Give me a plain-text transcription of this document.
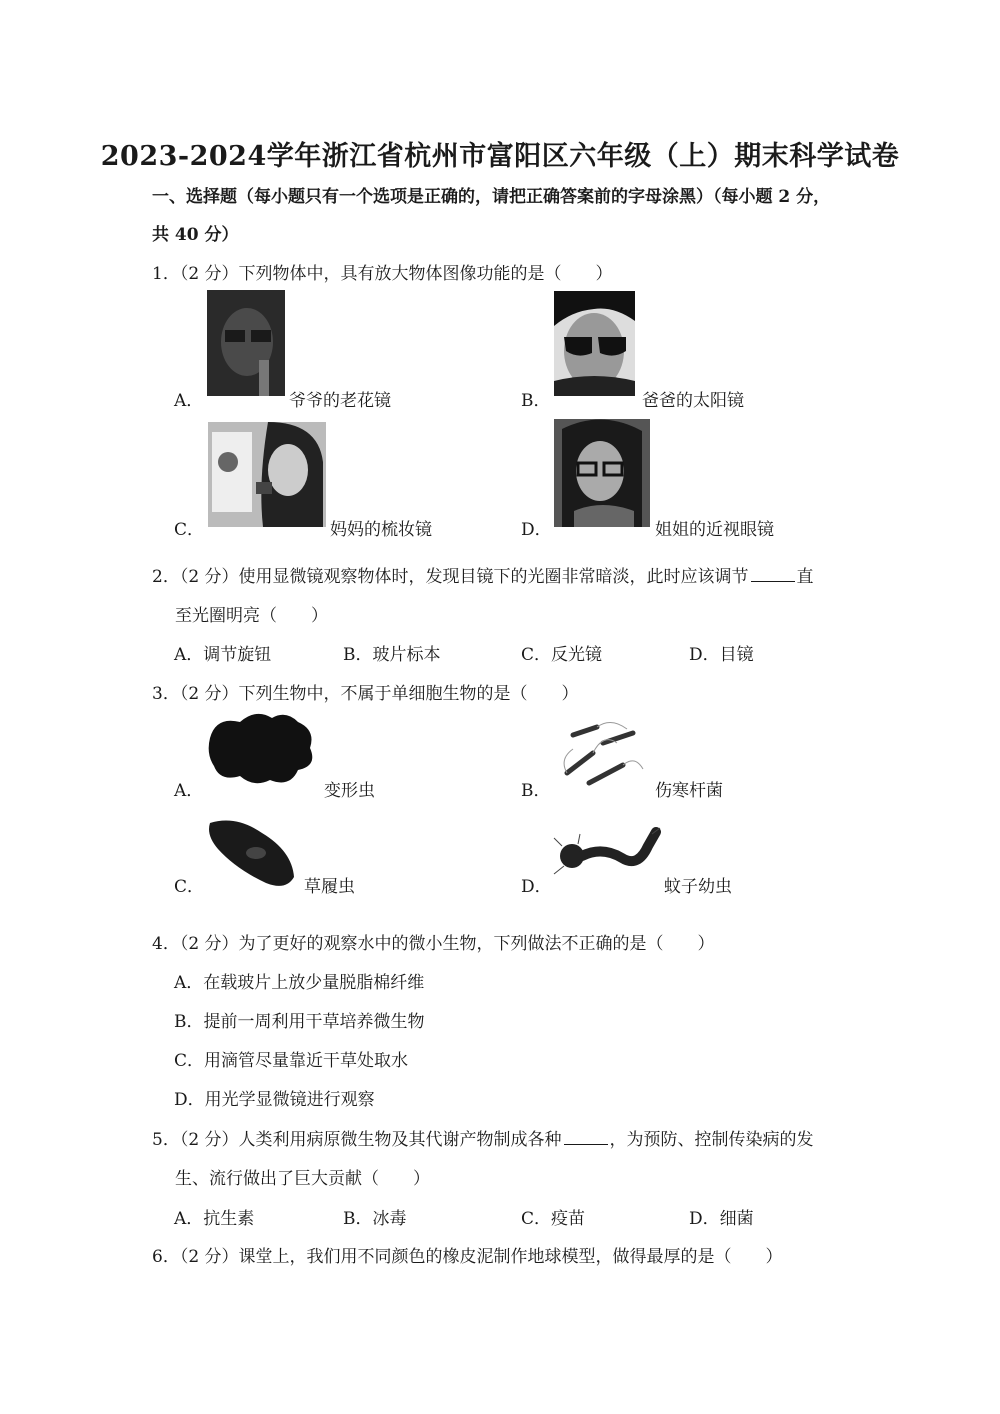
2023-2024学年浙江省杭州市富阳区六年级（上）期末科学试卷
一、选择题（每小题只有一个选项是正确的，请把正确答案前的字母涂黑）（每小题 2 分，
共 40 分）
1．（2 分）下列物体中，具有放大物体图像功能的是（　　）
A．	爷爷的老花镜	B．	爸爸的太阳镜
C．	妈妈的梳妆镜	D．	姐姐的近视眼镜
2．（2 分）使用显微镜观察物体时，发现目镜下的光圈非常暗淡，此时应该调节	直
至光圈明亮（　　）
A．调节旋钮	B．玻片标本	C．反光镜	D．目镜
3．（2 分）下列生物中，不属于单细胞生物的是（　　）
A．	变形虫	B．	伤寒杆菌
C．	草履虫	D．	蚊子幼虫
4．（2 分）为了更好的观察水中的微小生物，下列做法不正确的是（　　）
A．在载玻片上放少量脱脂棉纤维
B．提前一周利用干草培养微生物
C．用滴管尽量靠近干草处取水
D．用光学显微镜进行观察
5．（2 分）人类利用病原微生物及其代谢产物制成各种	，为预防、控制传染病的发
生、流行做出了巨大贡献（　　）
A．抗生素	B．冰毒	C．疫苗	D．细菌
6．（2 分）课堂上，我们用不同颜色的橡皮泥制作地球模型，做得最厚的是（　　）
